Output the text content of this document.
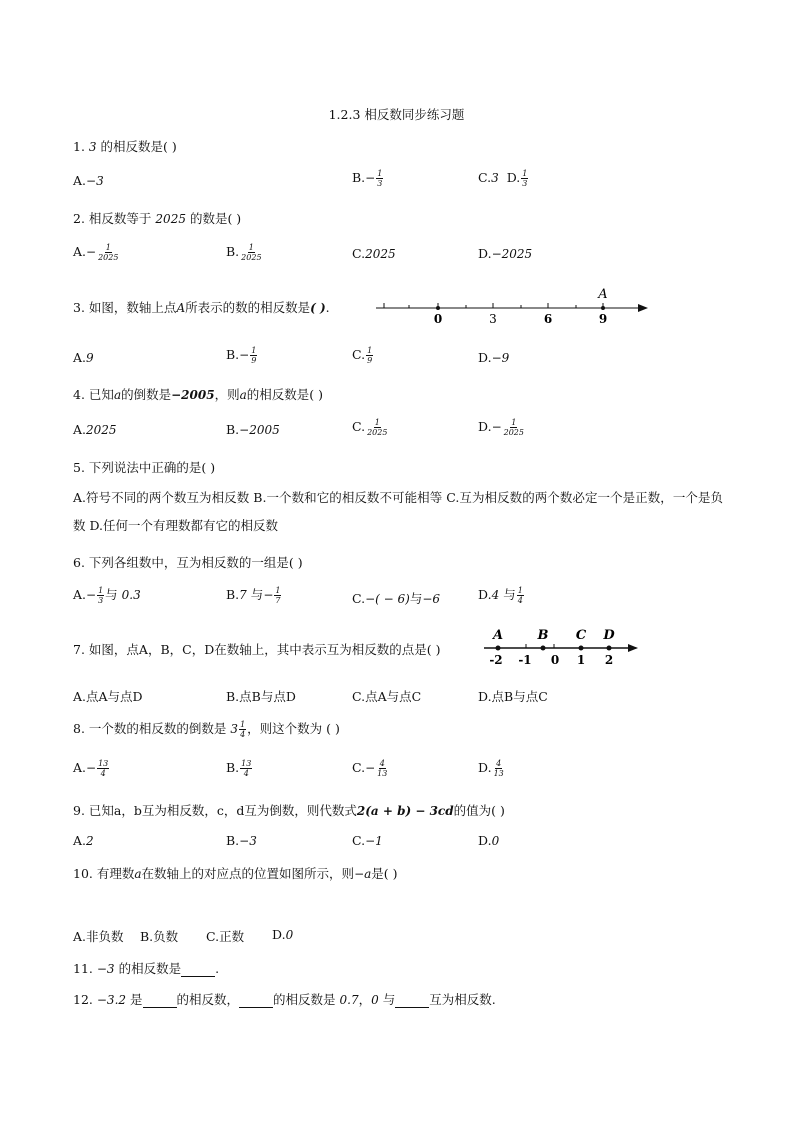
1.2.3 相反数同步练习题
1. 3 的相反数是( )
A.−3	$B.- \frac{1}{3}$	C.3 D. $\frac{1}{3}$
2. 相反数等于 2025 的数是( )
$A.- \frac{1}{2025}$	B. $\frac{1}{2025}$	C.2025	D.−2025
3. 如图，数轴上点A所表示的数的相反数是( ).
0	3	6	9
A
A.9	$B.- \frac{1}{9}$	C. $\frac{1}{9}$	D.−9
4. 已知a的倒数是−2005，则a的相反数是( )
A.2025	B.−2005	C. $\frac{1}{2025}$	$D.- \frac{1}{2025}$
5. 下列说法中正确的是( )
A.符号不同的两个数互为相反数 B.一个数和它的相反数不可能相等 C.互为相反数的两个数必定一个是正数，一个是负数 D.任何一个有理数都有它的相反数
6. 下列各组数中，互为相反数的一组是( )
$A.- \frac{1}{3}$ 与 0.3	B.7 与− $\frac{1}{7}$	C.−( − 6)与−6	D.4 与 $\frac{1}{4}$
7. 如图，点A，B，C，D在数轴上，其中表示互为相反数的点是( )
A	B C D
-2 -1 0 1 2
A.点A与点D	B.点B与点D	C.点A与点C	D.点B与点C
8. 一个数的相反数的倒数是 $3 \frac{1}{4}$ ，则这个数为 ( )
$A.- \frac{13}{4}$	B. $\frac{13}{4}$	$C.- \frac{4}{13}$	D. $\frac{4}{13}$
9. 已知a，b互为相反数，c，d互为倒数，则代数式2(a + b) − 3cd的值为( )
A.2	B.−3	C.−1	D.0
10. 有理数a在数轴上的对应点的位置如图所示，则−a是( )
A.非负数 B.负数 C.正数 D.0
11. −3 的相反数是	.
12. −3.2 是	的相反数，	的相反数是 0.7，0 与	互为相反数.
